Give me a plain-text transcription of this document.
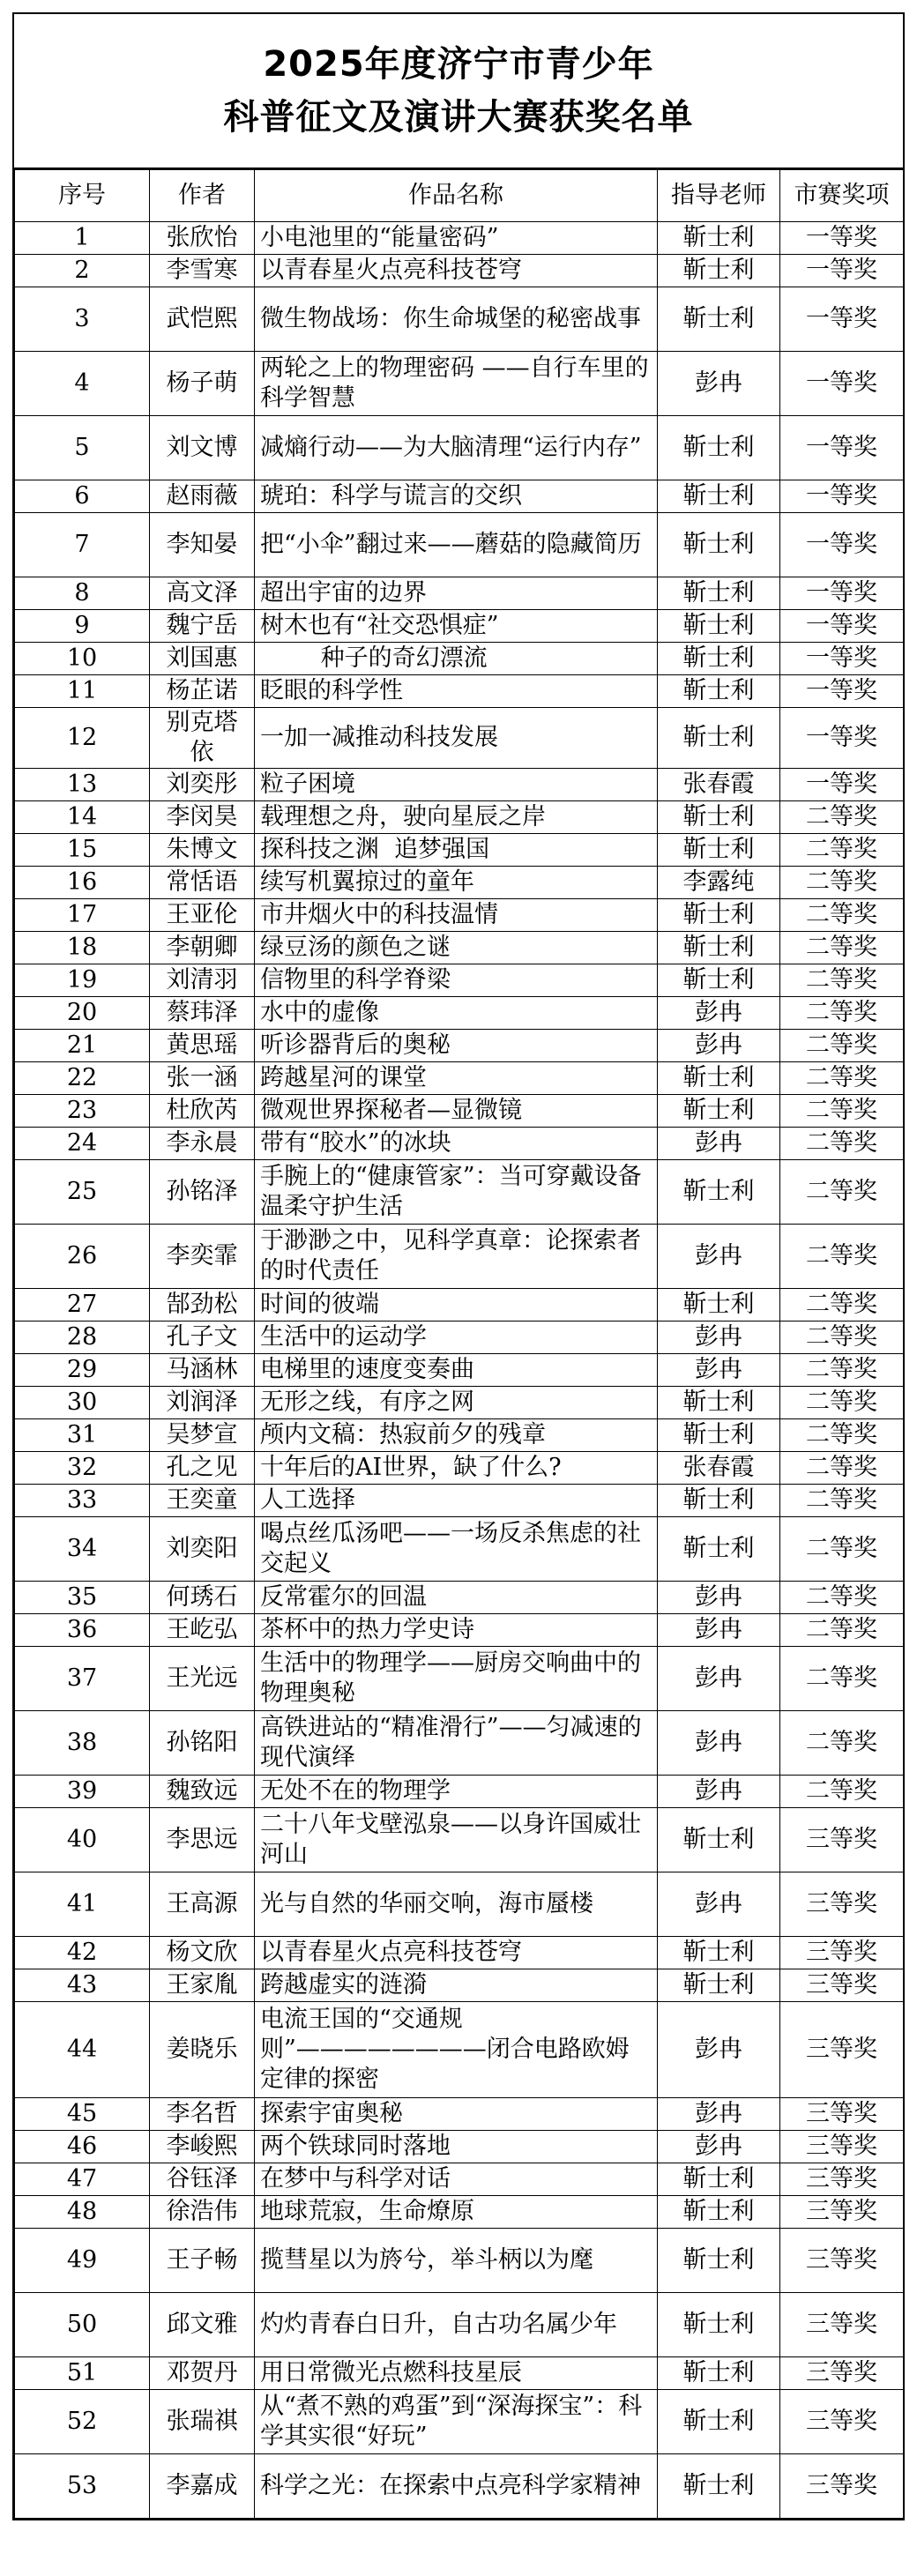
2025年度济宁市青少年
科普征文及演讲大赛获奖名单
序号	作者	作品名称	指导老师	市赛奖项
1	张欣怡	小电池里的“能量密码”	靳士利	一等奖
2	李雪寒	以青春星火点亮科技苍穹	靳士利	一等奖
3	武恺熙	微生物战场：你生命城堡的秘密战事	靳士利	一等奖
4	杨子萌	两轮之上的物理密码 ——自行车里的科学智慧	彭冉	一等奖
5	刘文博	减熵行动——为大脑清理“运行内存”	靳士利	一等奖
6	赵雨薇	琥珀：科学与谎言的交织	靳士利	一等奖
7	李知晏	把“小伞”翻过来——蘑菇的隐藏简历	靳士利	一等奖
8	高文泽	超出宇宙的边界	靳士利	一等奖
9	魏宁岳	树木也有“社交恐惧症”	靳士利	一等奖
10	刘国惠	种子的奇幻漂流	靳士利	一等奖
11	杨芷诺	眨眼的科学性	靳士利	一等奖
12	别克塔依	一加一减推动科技发展	靳士利	一等奖
13	刘奕彤	粒子困境	张春霞	一等奖
14	李闵昊	载理想之舟，驶向星辰之岸	靳士利	二等奖
15	朱博文	探科技之渊  追梦强国	靳士利	二等奖
16	常恬语	续写机翼掠过的童年	李露纯	二等奖
17	王亚伦	市井烟火中的科技温情	靳士利	二等奖
18	李朝卿	绿豆汤的颜色之谜	靳士利	二等奖
19	刘清羽	信物里的科学脊梁	靳士利	二等奖
20	蔡玮泽	水中的虚像	彭冉	二等奖
21	黄思瑶	听诊器背后的奥秘	彭冉	二等奖
22	张一涵	跨越星河的课堂	靳士利	二等奖
23	杜欣芮	微观世界探秘者—显微镜	靳士利	二等奖
24	李永晨	带有“胶水”的冰块	彭冉	二等奖
25	孙铭泽	手腕上的“健康管家”：当可穿戴设备温柔守护生活	靳士利	二等奖
26	李奕霏	于渺渺之中，见科学真章：论探索者的时代责任	彭冉	二等奖
27	郜劲松	时间的彼端	靳士利	二等奖
28	孔子文	生活中的运动学	彭冉	二等奖
29	马涵林	电梯里的速度变奏曲	彭冉	二等奖
30	刘润泽	无形之线，有序之网	靳士利	二等奖
31	吴梦宣	颅内文稿：热寂前夕的残章	靳士利	二等奖
32	孔之见	十年后的AI世界，缺了什么?	张春霞	二等奖
33	王奕童	人工选择	靳士利	二等奖
34	刘奕阳	喝点丝瓜汤吧——一场反杀焦虑的社交起义	靳士利	二等奖
35	何琇石	反常霍尔的回温	彭冉	二等奖
36	王屹弘	茶杯中的热力学史诗	彭冉	二等奖
37	王光远	生活中的物理学——厨房交响曲中的物理奥秘	彭冉	二等奖
38	孙铭阳	高铁进站的“精准滑行”——匀减速的现代演绎	彭冉	二等奖
39	魏致远	无处不在的物理学	彭冉	二等奖
40	李思远	二十八年戈壁泓泉——以身许国威壮河山	靳士利	三等奖
41	王高源	光与自然的华丽交响，海市蜃楼	彭冉	三等奖
42	杨文欣	以青春星火点亮科技苍穹	靳士利	三等奖
43	王家胤	跨越虚实的涟漪	靳士利	三等奖
44	姜晓乐	电流王国的“交通规则”————————闭合电路欧姆定律的探密	彭冉	三等奖
45	李名哲	探索宇宙奥秘	彭冉	三等奖
46	李峻熙	两个铁球同时落地	彭冉	三等奖
47	谷钰泽	在梦中与科学对话	靳士利	三等奖
48	徐浩伟	地球荒寂，生命燎原	靳士利	三等奖
49	王子畅	揽彗星以为旍兮，举斗柄以为麾	靳士利	三等奖
50	邱文雅	灼灼青春白日升，自古功名属少年	靳士利	三等奖
51	邓贺丹	用日常微光点燃科技星辰	靳士利	三等奖
52	张瑞祺	从“煮不熟的鸡蛋”到“深海探宝”：科学其实很“好玩”	靳士利	三等奖
53	李嘉成	科学之光：在探索中点亮科学家精神	靳士利	三等奖
